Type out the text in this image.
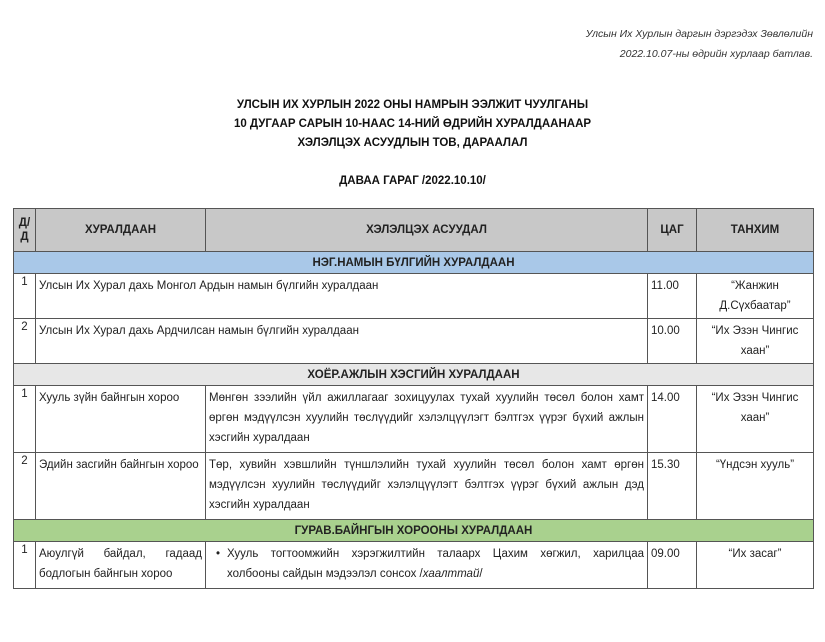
Улсын Их Хурлын даргын дэргэдэх Зөвлөлийн
2022.10.07-ны өдрийн хурлаар батлав.
УЛСЫН ИХ ХУРЛЫН 2022 ОНЫ НАМРЫН ЭЭЛЖИТ ЧУУЛГАНЫ
10 ДУГААР САРЫН 10-НААС 14-НИЙ ӨДРИЙН ХУРАЛДААНААР
ХЭЛЭЛЦЭХ АСУУДЛЫН ТОВ, ДАРААЛАЛ
ДАВАА ГАРАГ /2022.10.10/
Д/
Д	ХУРАЛДААН	ХЭЛЭЛЦЭХ АСУУДАЛ	ЦАГ	ТАНХИМ
НЭГ.НАМЫН БҮЛГИЙН ХУРАЛДААН				
1	Улсын Их Хурал дахь Монгол Ардын намын бүлгийн хуралдаан		11.00	“Жанжин Д.Сүхбаатар”
2	Улсын Их Хурал дахь Ардчилсан намын бүлгийн хуралдаан		10.00	“Их Эзэн Чингис хаан”
ХОЁР.АЖЛЫН ХЭСГИЙН ХУРАЛДААН				
1	Хууль зүйн байнгын хороо	Мөнгөн зээлийн үйл ажиллагааг зохицуулах тухай хуулийн төсөл болон хамт өргөн мэдүүлсэн хуулийн төслүүдийг хэлэлцүүлэгт бэлтгэх үүрэг бүхий ажлын хэсгийн хуралдаан	14.00	“Их Эзэн Чингис хаан”
2	Эдийн засгийн байнгын хороо	Төр, хувийн хэвшлийн түншлэлийн тухай хуулийн төсөл болон хамт өргөн мэдүүлсэн хуулийн төслүүдийг хэлэлцүүлэгт бэлтгэх үүрэг бүхий ажлын дэд хэсгийн хуралдаан	15.30	“Үндсэн хууль”
ГУРАВ.БАЙНГЫН ХОРООНЫ ХУРАЛДААН				
1	Аюулгүй байдал, гадаад бодлогын байнгын хороо	• Хууль тогтоомжийн хэрэгжилтийн талаарх Цахим хөгжил, харилцаа холбооны сайдын мэдээлэл сонсох /хаалттай/	09.00	“Их засаг”
